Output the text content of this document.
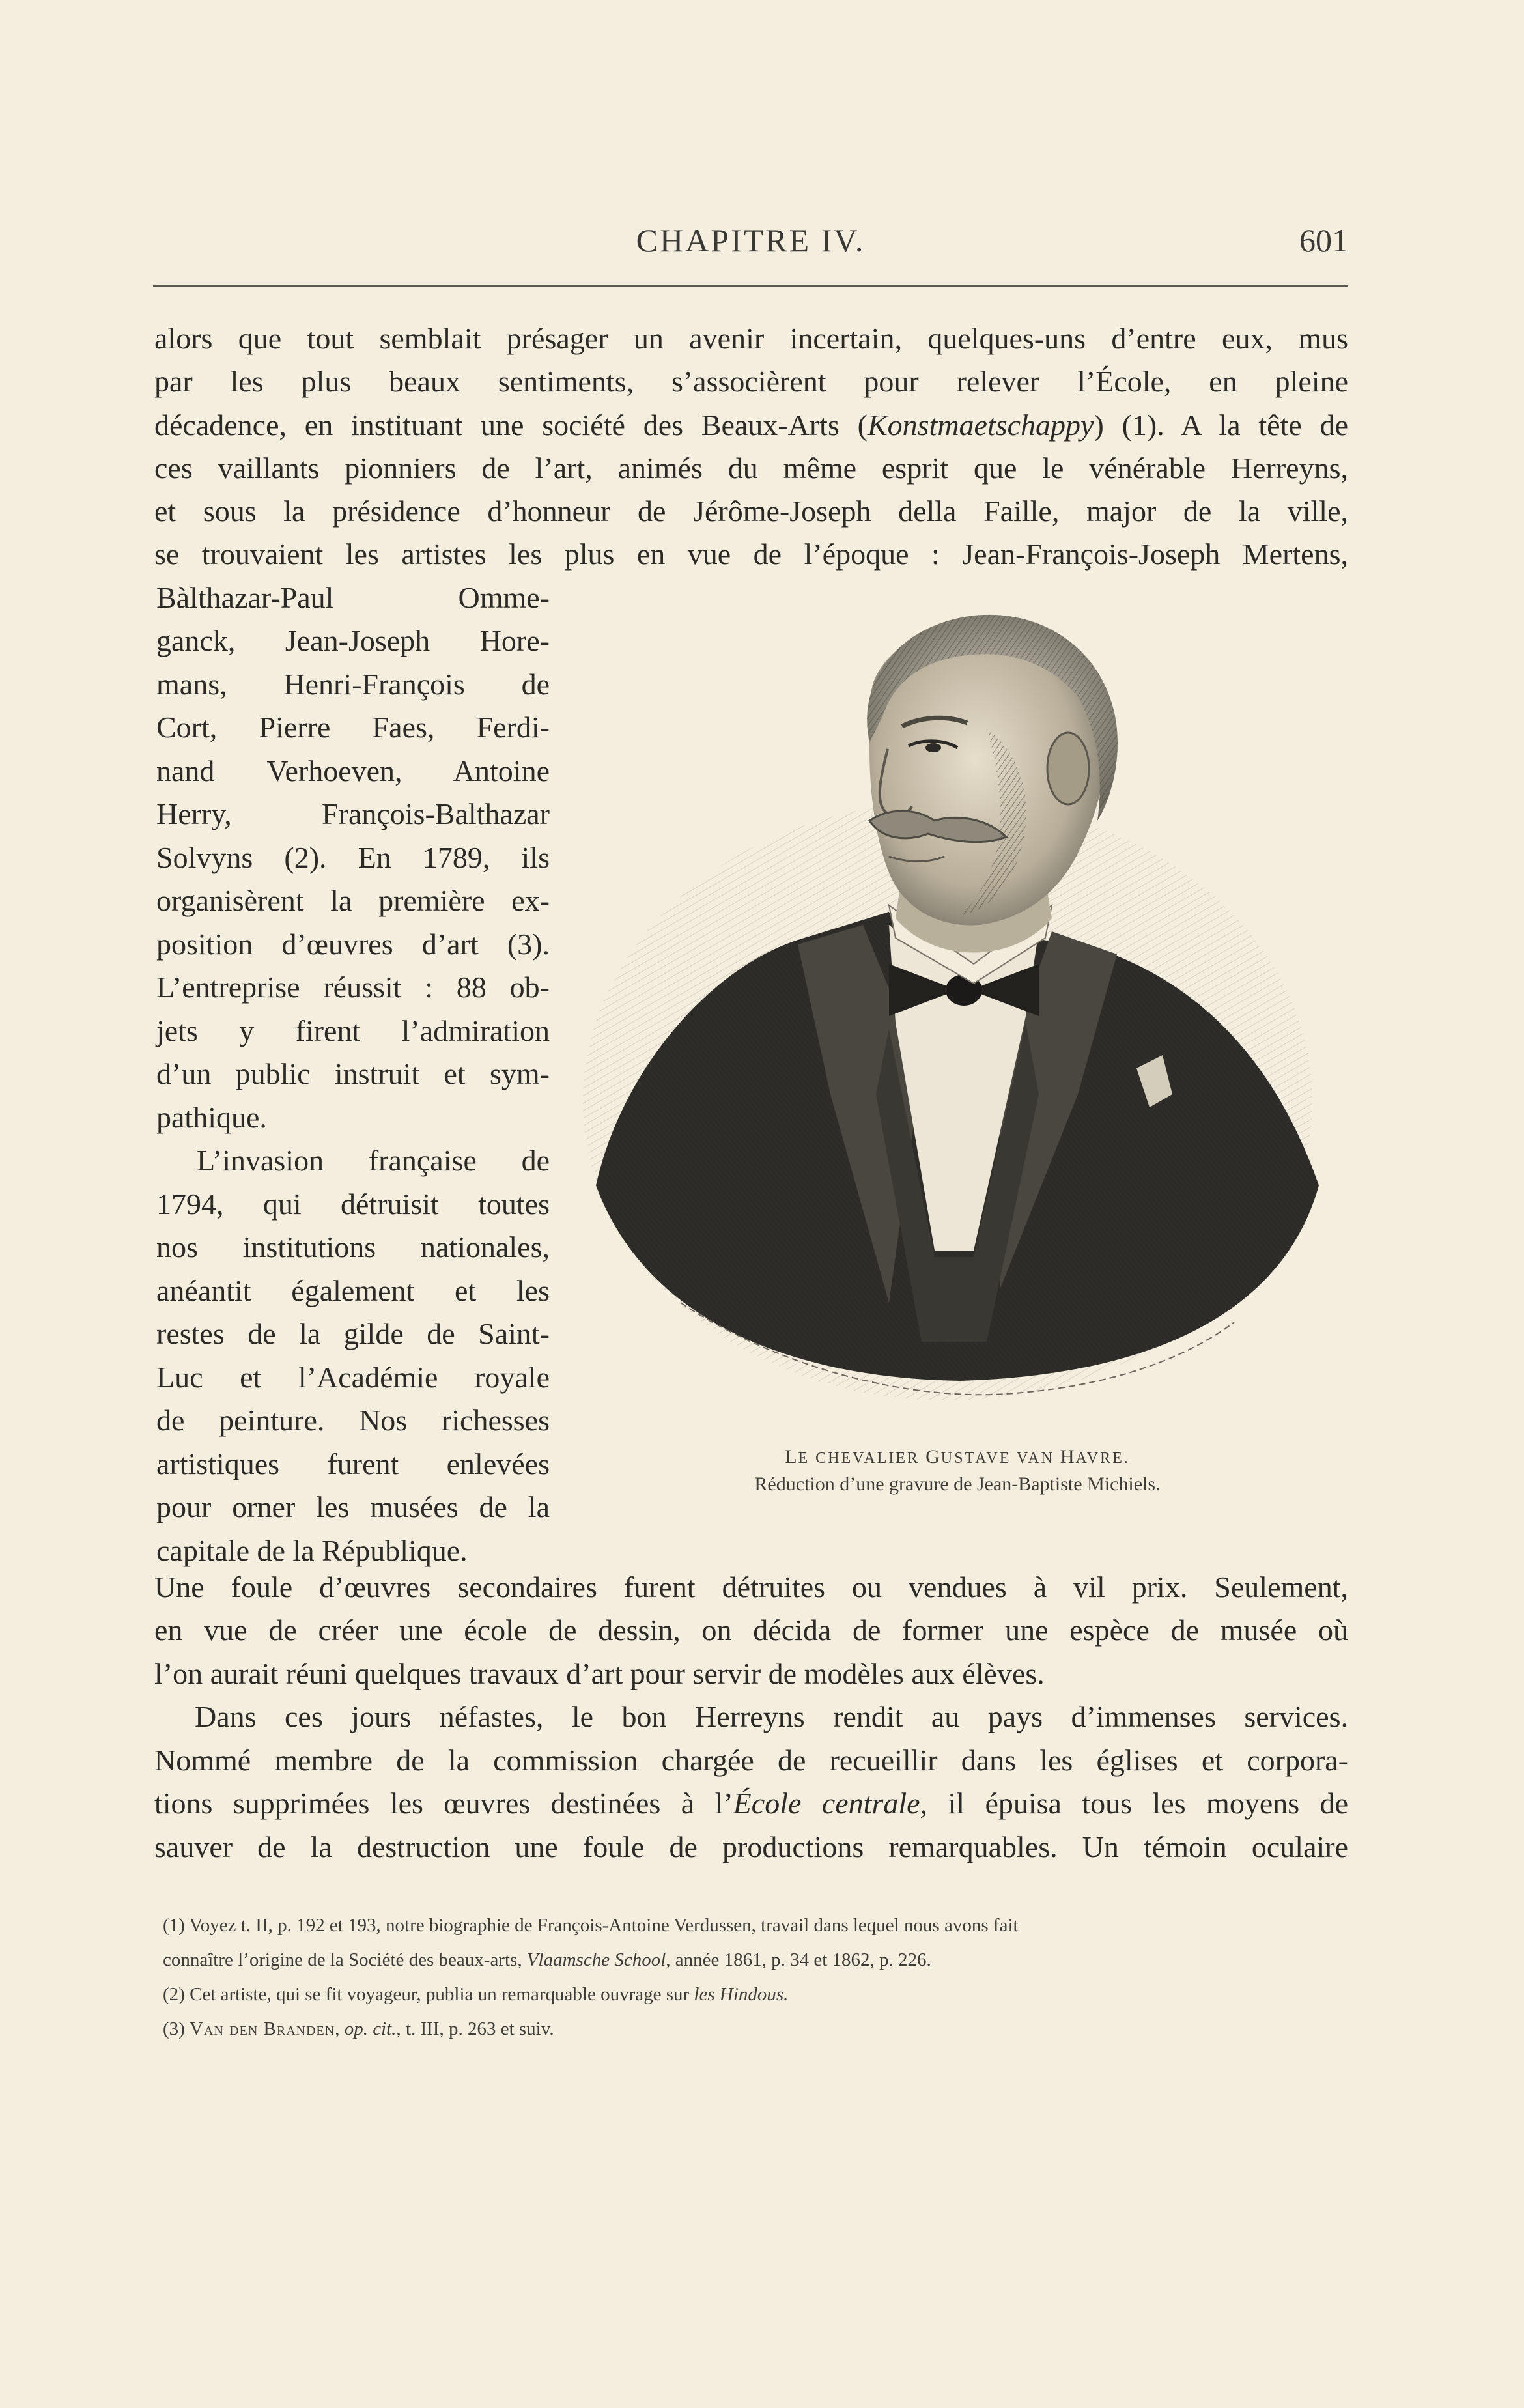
CHAPITRE IV.	601
alors que tout semblait présager un avenir incertain, quelques-uns d’entre eux, mus
par les plus beaux sentiments, s’associèrent pour relever l’École, en pleine
décadence, en instituant une société des Beaux-Arts (Konstmaetschappy) (1). A la tête de
ces vaillants pionniers de l’art, animés du même esprit que le vénérable Herreyns,
et sous la présidence d’honneur de Jérôme-Joseph della Faille, major de la ville,
se trouvaient les artistes les plus en vue de l’époque : Jean-François-Joseph Mertens,
Bàlthazar-Paul Omme-
ganck, Jean-Joseph Hore-
mans, Henri-François de
Cort, Pierre Faes, Ferdi-
nand Verhoeven, Antoine
Herry, François-Balthazar
Solvyns (2). En 1789, ils
organisèrent la première ex-
position d’œuvres d’art (3).
L’entreprise réussit : 88 ob-
jets y firent l’admiration
d’un public instruit et sym-
pathique.
L’invasion française de
1794, qui détruisit toutes
nos institutions nationales,
anéantit également et les
restes de la gilde de Saint-
Luc et l’Académie royale
de peinture. Nos richesses
artistiques furent enlevées
pour orner les musées de la
capitale de la République.
LE CHEVALIER GUSTAVE VAN HAVRE.
Réduction d’une gravure de Jean-Baptiste Michiels.
Une foule d’œuvres secondaires furent détruites ou vendues à vil prix. Seulement,
en vue de créer une école de dessin, on décida de former une espèce de musée où
l’on aurait réuni quelques travaux d’art pour servir de modèles aux élèves.
Dans ces jours néfastes, le bon Herreyns rendit au pays d’immenses services.
Nommé membre de la commission chargée de recueillir dans les églises et corpora-
tions supprimées les œuvres destinées à l’École centrale, il épuisa tous les moyens de
sauver de la destruction une foule de productions remarquables. Un témoin oculaire
(1) Voyez t. II, p. 192 et 193, notre biographie de François-Antoine Verdussen, travail dans lequel nous avons fait
connaître l’origine de la Société des beaux-arts, Vlaamsche School, année 1861, p. 34 et 1862, p. 226.
(2) Cet artiste, qui se fit voyageur, publia un remarquable ouvrage sur les Hindous.
(3) Van den Branden, op. cit., t. III, p. 263 et suiv.
